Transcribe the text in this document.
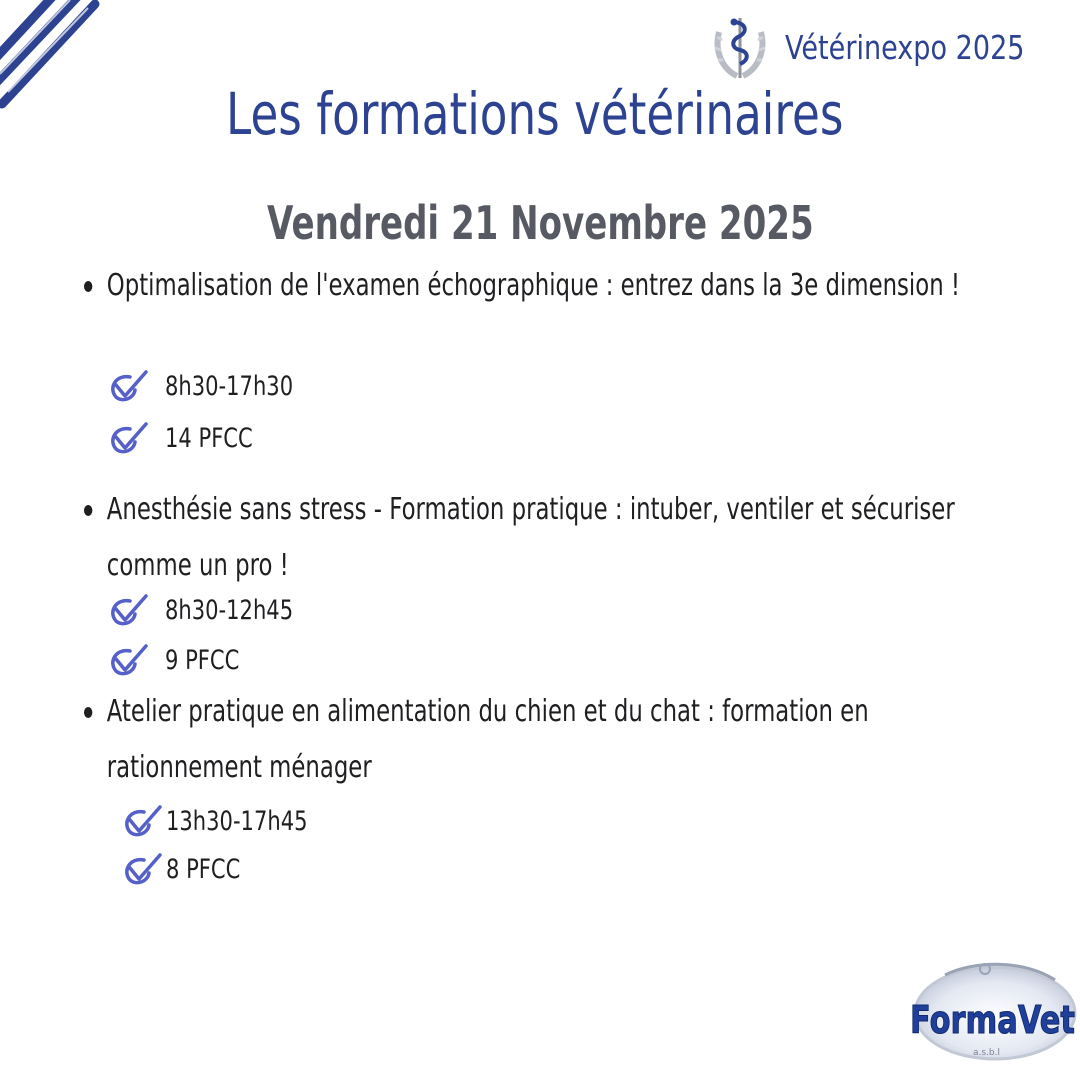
Vétérinexpo 2025
Les formations vétérinaires
Vendredi 21 Novembre 2025
Optimalisation de l'examen échographique : entrez dans la 3e dimension !
8h30-17h30
14 PFCC
Anesthésie sans stress - Formation pratique : intuber, ventiler et sécuriser comme un pro !
8h30-12h45
9 PFCC
Atelier pratique en alimentation du chien et du chat : formation en rationnement ménager
13h30-17h45
8 PFCC
FormaVet
a.s.b.l
